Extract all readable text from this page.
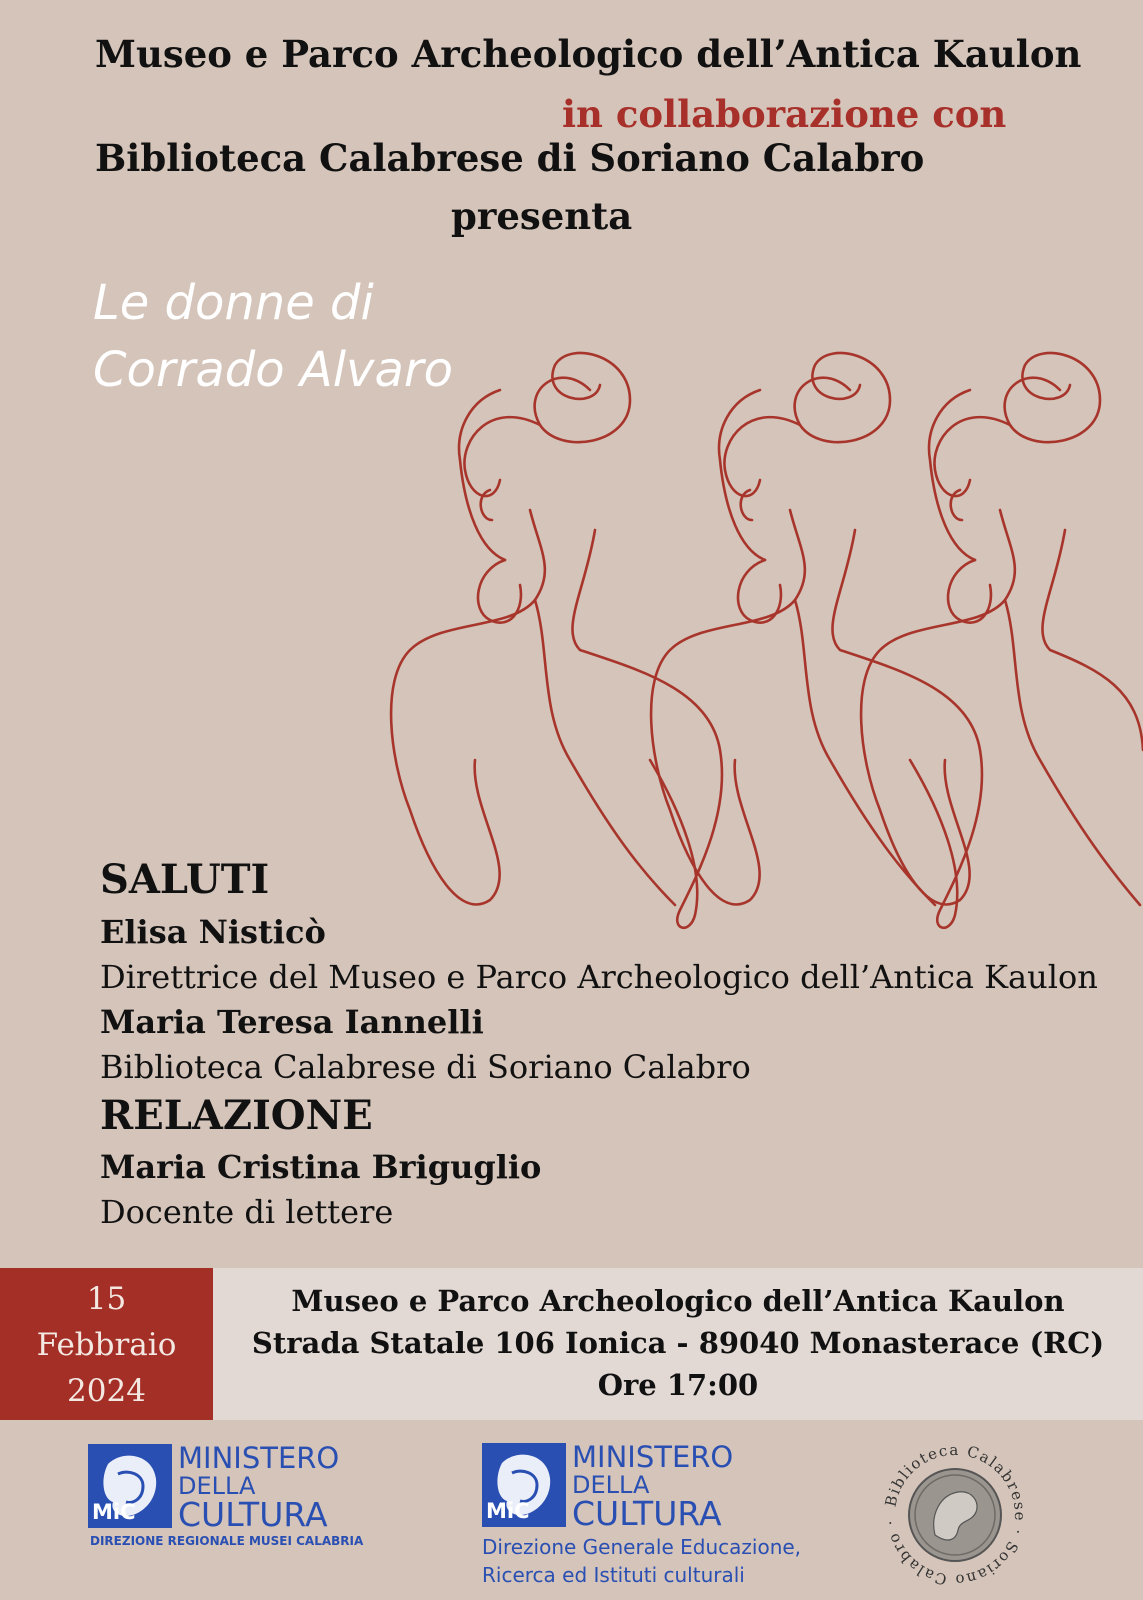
Museo e Parco Archeologico dell’Antica Kaulon
in collaborazione con
Biblioteca Calabrese di Soriano Calabro
presenta
Le donne di
Corrado Alvaro
SALUTI
Elisa Nisticò
Direttrice del Museo e Parco Archeologico dell’Antica Kaulon
Maria Teresa Iannelli
Biblioteca Calabrese di Soriano Calabro
RELAZIONE
Maria Cristina Briguglio
Docente di lettere
15
Febbraio
2024
Museo e Parco Archeologico dell’Antica Kaulon
Strada Statale 106 Ionica - 89040 Monasterace (RC)
Ore 17:00
MiC
MINISTERO
DELLA
CULTURA
DIREZIONE REGIONALE MUSEI CALABRIA
MiC
MINISTERO
DELLA
CULTURA
Direzione Generale Educazione,
Ricerca ed Istituti culturali
Biblioteca Calabrese · Soriano Calabro ·
